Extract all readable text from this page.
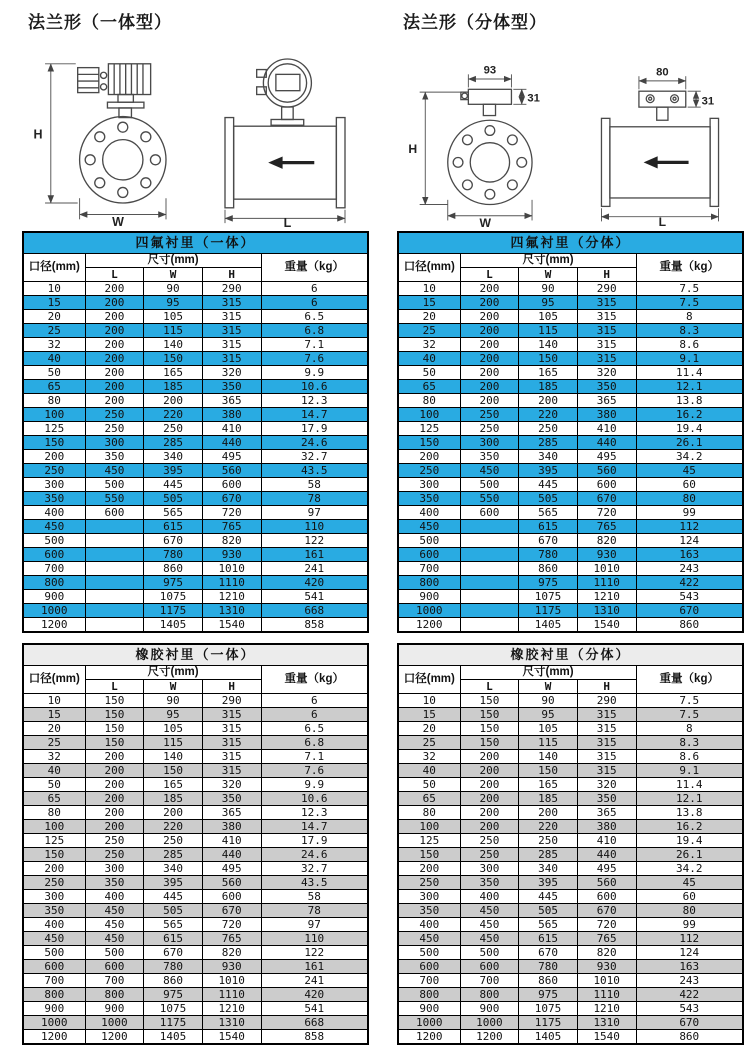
法兰形（一体型）
H
W	L
四氟衬里（一体）				
口径(mm)	尺寸(mm)			重量（kg）
	L	W	H	
10	200	90	290	6
15	200	95	315	6
20	200	105	315	6.5
25	200	115	315	6.8
32	200	140	315	7.1
40	200	150	315	7.6
50	200	165	320	9.9
65	200	185	350	10.6
80	200	200	365	12.3
100	250	220	380	14.7
125	250	250	410	17.9
150	300	285	440	24.6
200	350	340	495	32.7
250	450	395	560	43.5
300	500	445	600	58
350	550	505	670	78
400	600	565	720	97
450		615	765	110
500		670	820	122
600		780	930	161
700		860	1010	241
800		975	1110	420
900		1075	1210	541
1000		1175	1310	668
1200		1405	1540	858
橡胶衬里（一体）				
口径(mm)	尺寸(mm)			重量（kg）
	L	W	H	
10	150	90	290	6
15	150	95	315	6
20	150	105	315	6.5
25	150	115	315	6.8
32	200	140	315	7.1
40	200	150	315	7.6
50	200	165	320	9.9
65	200	185	350	10.6
80	200	200	365	12.3
100	200	220	380	14.7
125	250	250	410	17.9
150	250	285	440	24.6
200	300	340	495	32.7
250	350	395	560	43.5
300	400	445	600	58
350	450	505	670	78
400	450	565	720	97
450	450	615	765	110
500	500	670	820	122
600	600	780	930	161
700	700	860	1010	241
800	800	975	1110	420
900	900	1075	1210	541
1000	1000	1175	1310	668
1200	1200	1405	1540	858
法兰形（分体型）
93
31
H
W
80
31
L
四氟衬里（分体）				
口径(mm)	尺寸(mm)			重量（kg）
	L	W	H	
10	200	90	290	7.5
15	200	95	315	7.5
20	200	105	315	8
25	200	115	315	8.3
32	200	140	315	8.6
40	200	150	315	9.1
50	200	165	320	11.4
65	200	185	350	12.1
80	200	200	365	13.8
100	250	220	380	16.2
125	250	250	410	19.4
150	300	285	440	26.1
200	350	340	495	34.2
250	450	395	560	45
300	500	445	600	60
350	550	505	670	80
400	600	565	720	99
450		615	765	112
500		670	820	124
600		780	930	163
700		860	1010	243
800		975	1110	422
900		1075	1210	543
1000		1175	1310	670
1200		1405	1540	860
橡胶衬里（分体）				
口径(mm)	尺寸(mm)			重量（kg）
	L	W	H	
10	150	90	290	7.5
15	150	95	315	7.5
20	150	105	315	8
25	150	115	315	8.3
32	200	140	315	8.6
40	200	150	315	9.1
50	200	165	320	11.4
65	200	185	350	12.1
80	200	200	365	13.8
100	200	220	380	16.2
125	250	250	410	19.4
150	250	285	440	26.1
200	300	340	495	34.2
250	350	395	560	45
300	400	445	600	60
350	450	505	670	80
400	450	565	720	99
450	450	615	765	112
500	500	670	820	124
600	600	780	930	163
700	700	860	1010	243
800	800	975	1110	422
900	900	1075	1210	543
1000	1000	1175	1310	670
1200	1200	1405	1540	860
